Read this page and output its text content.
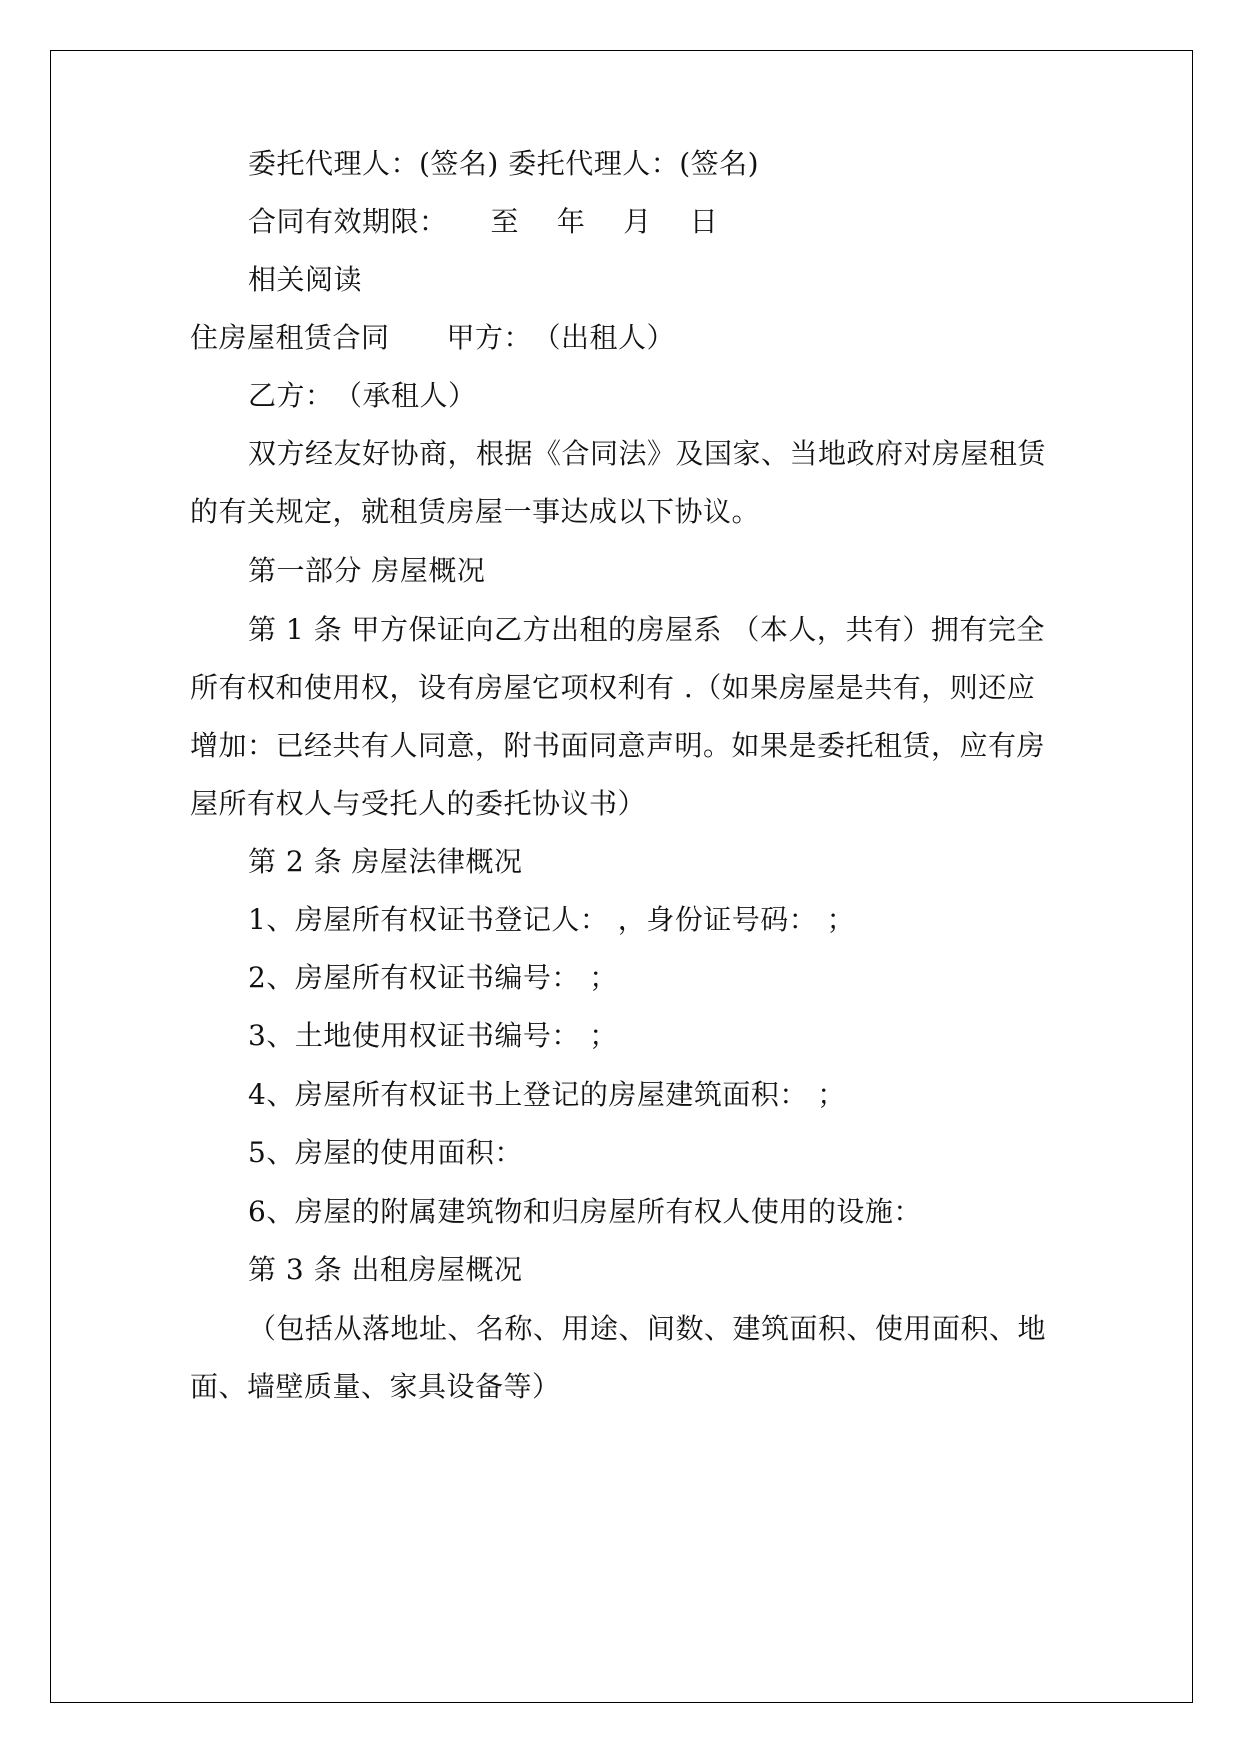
委托代理人：(签名) 委托代理人：(签名)
合同有效期限：　　至　 年　 月　 日
相关阅读
住房屋租赁合同　　甲方：　（出租人）
乙方：　（承租人）
双方经友好协商，根据《合同法》及国家、当地政府对房屋租赁
的有关规定，就租赁房屋一事达成以下协议。
第一部分 房屋概况
第 1 条 甲方保证向乙方出租的房屋系 （本人，共有）拥有完全
所有权和使用权，设有房屋它项权利有 .（如果房屋是共有，则还应
增加：已经共有人同意，附书面同意声明。如果是委托租赁，应有房
屋所有权人与受托人的委托协议书）
第 2 条 房屋法律概况
1、房屋所有权证书登记人： ，身份证号码： ；
2、房屋所有权证书编号： ；
3、土地使用权证书编号： ；
4、房屋所有权证书上登记的房屋建筑面积： ；
5、房屋的使用面积：
6、房屋的附属建筑物和归房屋所有权人使用的设施：
第 3 条 出租房屋概况
（包括从落地址、名称、用途、间数、建筑面积、使用面积、地
面、墙壁质量、家具设备等）
